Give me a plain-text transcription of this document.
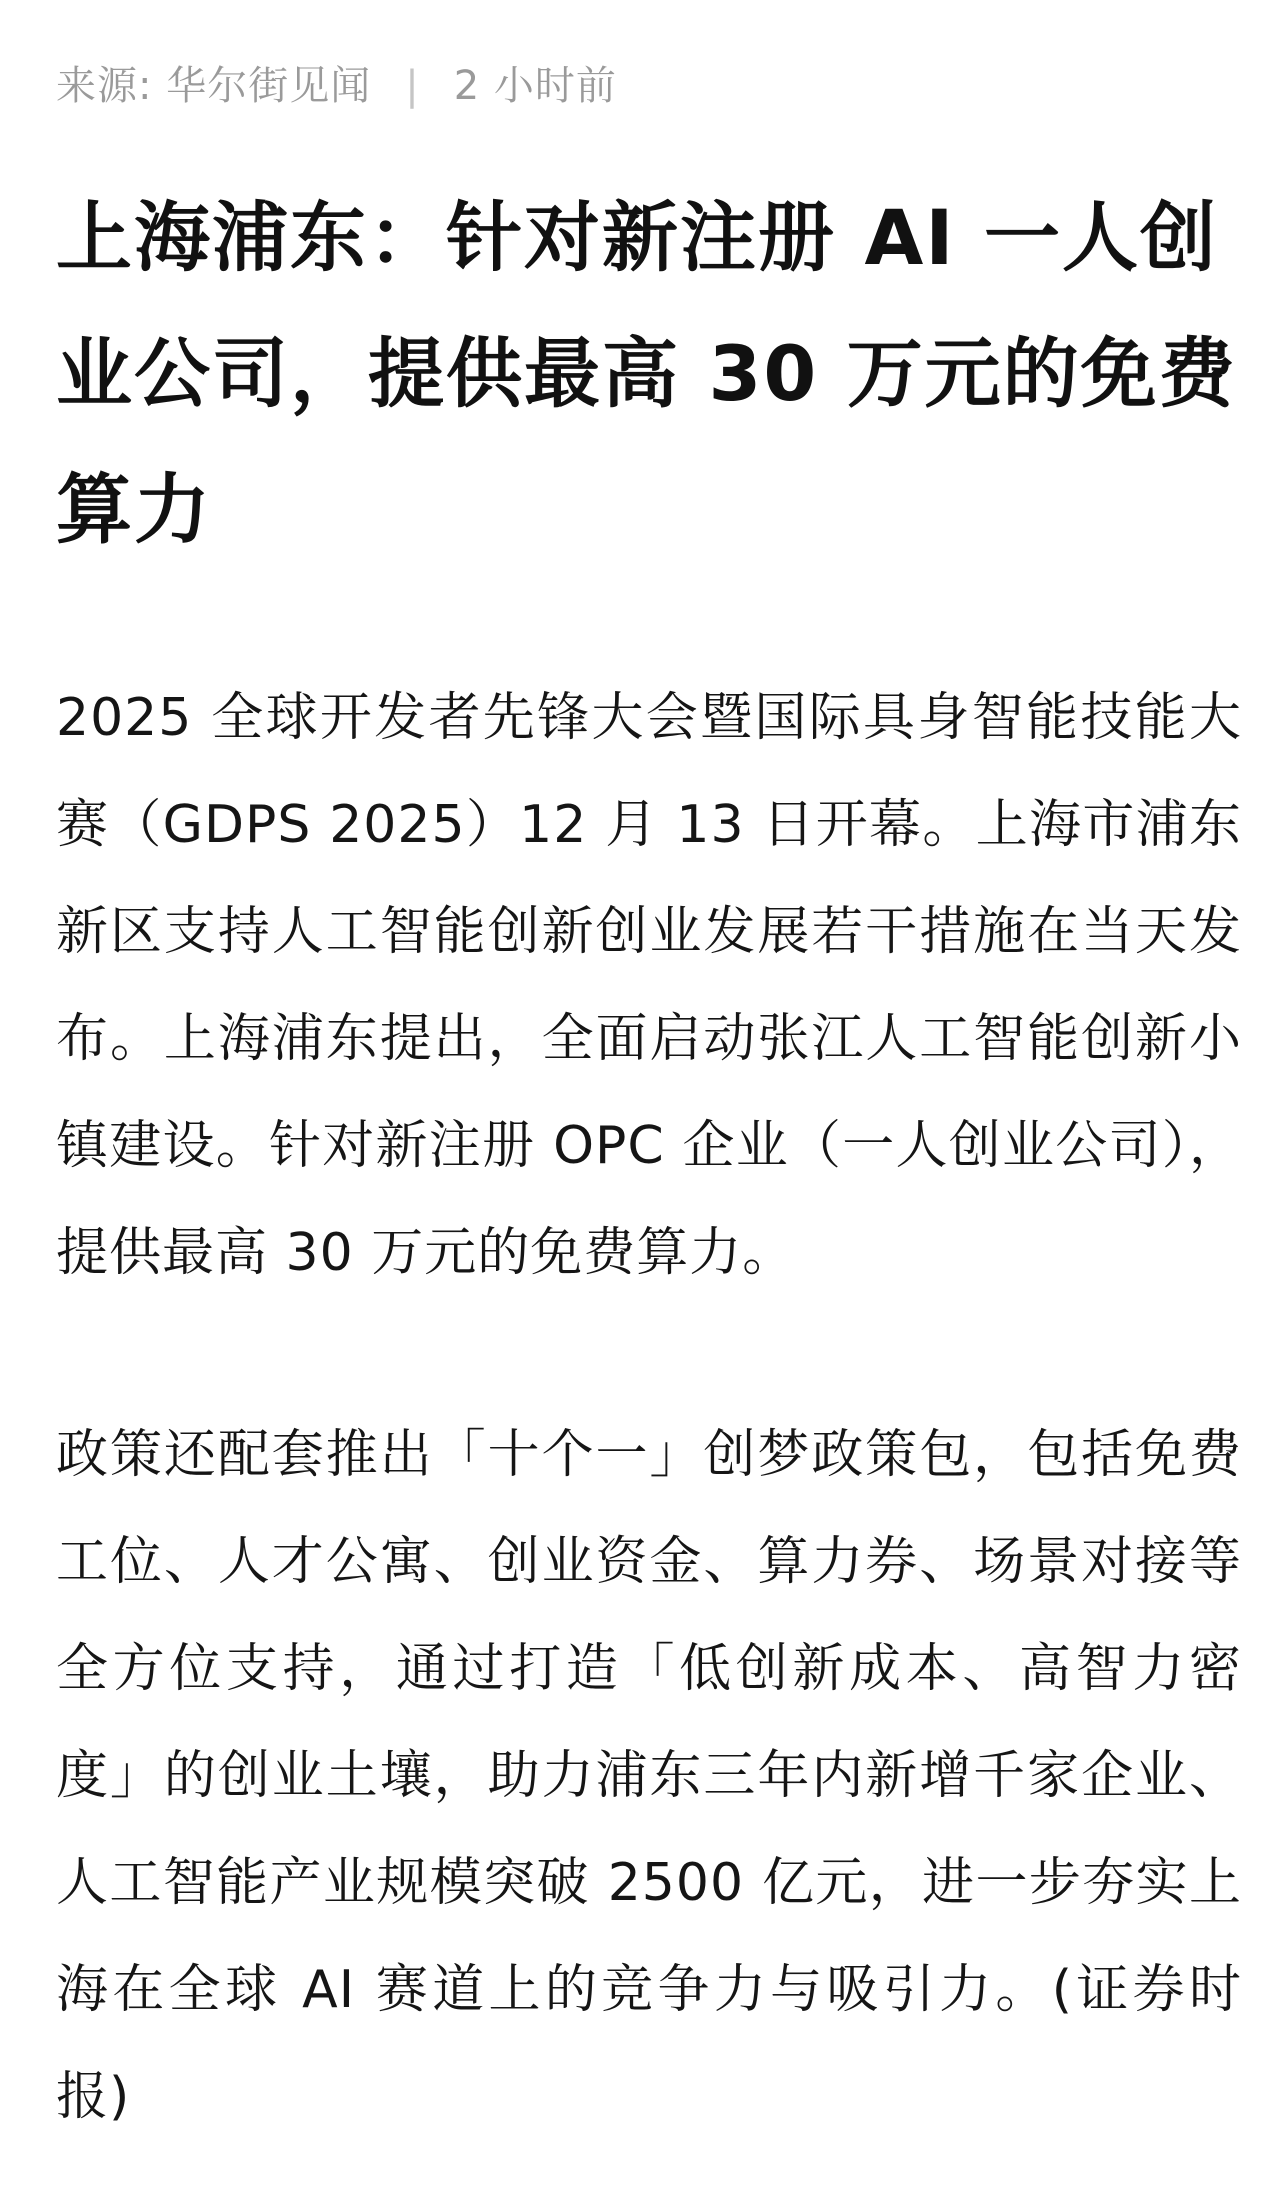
来源: 华尔街见闻 | 2 小时前
上海浦东：针对新注册 AI 一人创业公司，提供最高 30 万元的免费算力

2025 全球开发者先锋大会暨国际具身智能技能大赛（GDPS 2025）12 月 13 日开幕。上海市浦东新区支持人工智能创新创业发展若干措施在当天发布。上海浦东提出，全面启动张江人工智能创新小镇建设。针对新注册 OPC 企业（一人创业公司），提供最高 30 万元的免费算力。

政策还配套推出「十个一」创梦政策包，包括免费工位、人才公寓、创业资金、算力券、场景对接等全方位支持，通过打造「低创新成本、高智力密度」的创业土壤，助力浦东三年内新增千家企业、人工智能产业规模突破 2500 亿元，进一步夯实上海在全球 AI 赛道上的竞争力与吸引力。(证券时报)
